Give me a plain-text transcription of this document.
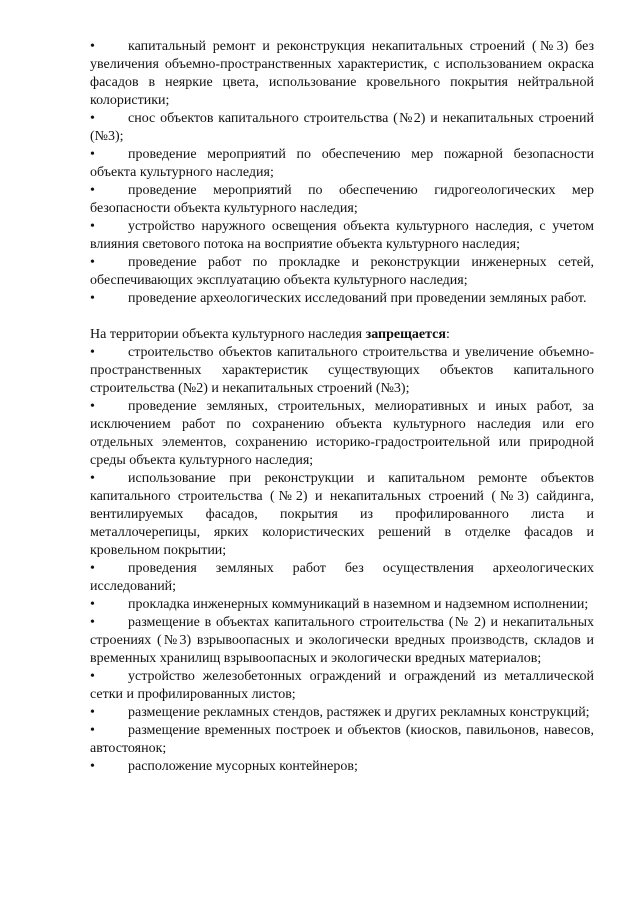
• капитальный ремонт и реконструкция некапитальных строений (№3) без увеличения объемно-пространственных характеристик, с использованием окраска фасадов в неяркие цвета, использование кровельного покрытия нейтральной колористики;

• снос объектов капитального строительства (№2) и некапитальных строений (№3);

• проведение мероприятий по обеспечению мер пожарной безопасности объекта культурного наследия;

• проведение мероприятий по обеспечению гидрогеологических мер безопасности объекта культурного наследия;

• устройство наружного освещения объекта культурного наследия, с учетом влияния светового потока на восприятие объекта культурного наследия;

• проведение работ по прокладке и реконструкции инженерных сетей, обеспечивающих эксплуатацию объекта культурного наследия;

• проведение археологических исследований при проведении земляных работ.

На территории объекта культурного наследия запрещается:

• строительство объектов капитального строительства и увеличение объемно-пространственных характеристик существующих объектов капитального строительства (№2) и некапитальных строений (№3);

• проведение земляных, строительных, мелиоративных и иных работ, за исключением работ по сохранению объекта культурного наследия или его отдельных элементов, сохранению историко-градостроительной или природной среды объекта культурного наследия;

• использование при реконструкции и капитальном ремонте объектов капитального строительства (№2) и некапитальных строений (№3) сайдинга, вентилируемых фасадов, покрытия из профилированного листа и металлочерепицы, ярких колористических решений в отделке фасадов и кровельном покрытии;

• проведения земляных работ без осуществления археологических исследований;

• прокладка инженерных коммуникаций в наземном и надземном исполнении;

• размещение в объектах капитального строительства (№ 2) и некапитальных строениях (№3) взрывоопасных и экологически вредных производств, складов и временных хранилищ взрывоопасных и экологически вредных материалов;

• устройство железобетонных ограждений и ограждений из металлической сетки и профилированных листов;

• размещение рекламных стендов, растяжек и других рекламных конструкций;

• размещение временных построек и объектов (киосков, павильонов, навесов, автостоянок;

• расположение мусорных контейнеров;
